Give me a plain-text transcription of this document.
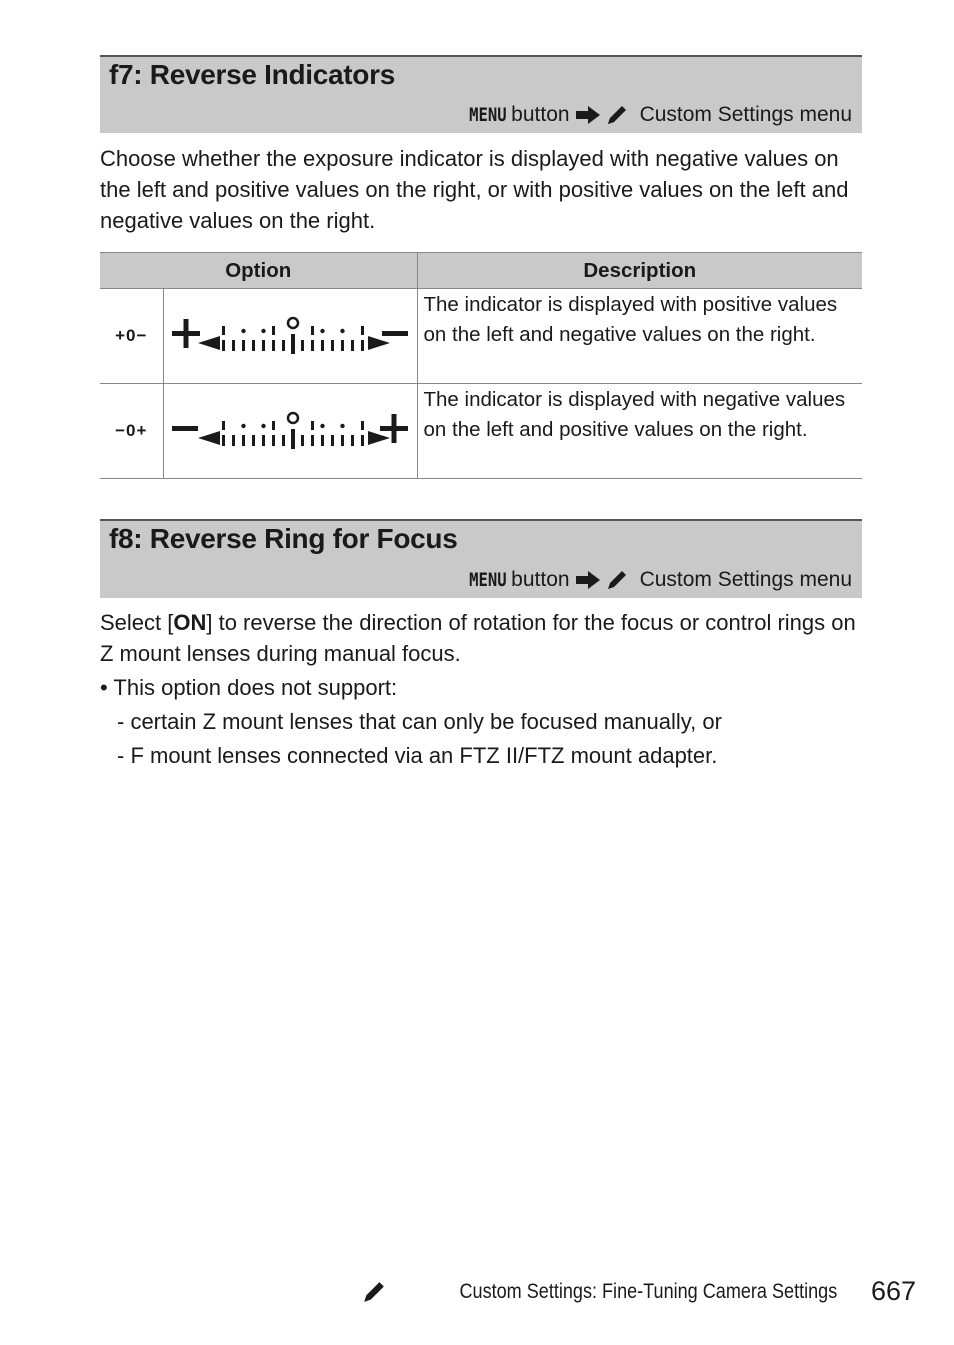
f7: Reverse Indicators
MENU button	Custom Settings menu
Choose whether the exposure indicator is displayed with negative values on the left and positive values on the right, or with positive values on the left and negative values on the right.
Option		Description
+0−		The indicator is displayed with positive values on the left and negative values on the right.
−0+		The indicator is displayed with negative values on the left and positive values on the right.
f8: Reverse Ring for Focus
MENU button	Custom Settings menu
Select [ON] to reverse the direction of rotation for the focus or control rings on Z mount lenses during manual focus.
• This option does not support:
- certain Z mount lenses that can only be focused manually, or
- F mount lenses connected via an FTZ II/FTZ mount adapter.
Custom Settings: Fine-Tuning Camera Settings 667
